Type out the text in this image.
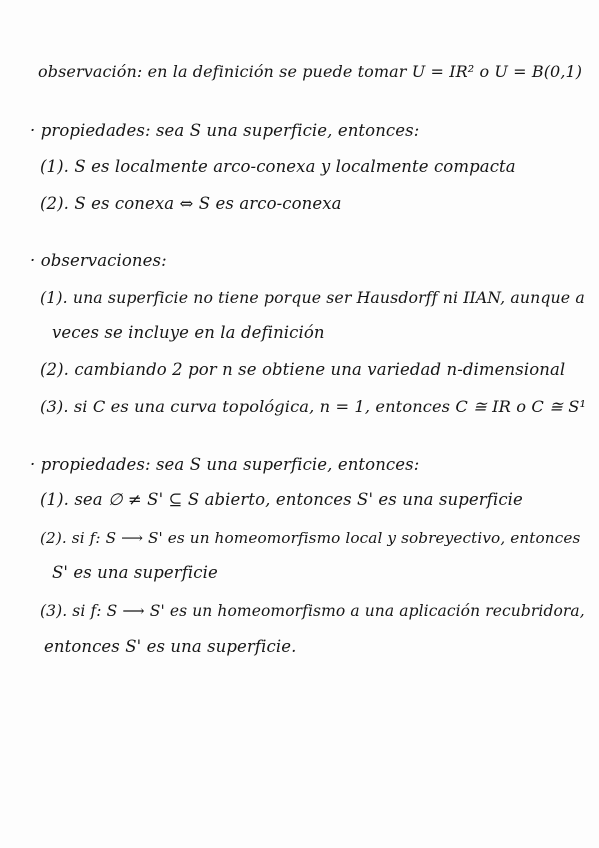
observación: en la definición se puede tomar U = IR² o U = B(0,1)
· propiedades: sea S una superficie, entonces:
(1). S es localmente arco-conexa y localmente compacta
(2). S es conexa ⇔ S es arco-conexa
· observaciones:
(1). una superficie no tiene porque ser Hausdorff ni IIAN, aunque a
veces se incluye en la definición
(2). cambiando 2 por n se obtiene una variedad n-dimensional
(3). si C es una curva topológica, n = 1, entonces C ≅ IR o C ≅ S¹
· propiedades: sea S una superficie, entonces:
(1). sea ∅ ≠ S' ⊆ S abierto, entonces S' es una superficie
(2). si f: S ⟶ S' es un homeomorfismo local y sobreyectivo, entonces
S' es una superficie
(3). si f: S ⟶ S' es un homeomorfismo a una aplicación recubridora,
entonces S' es una superficie.
